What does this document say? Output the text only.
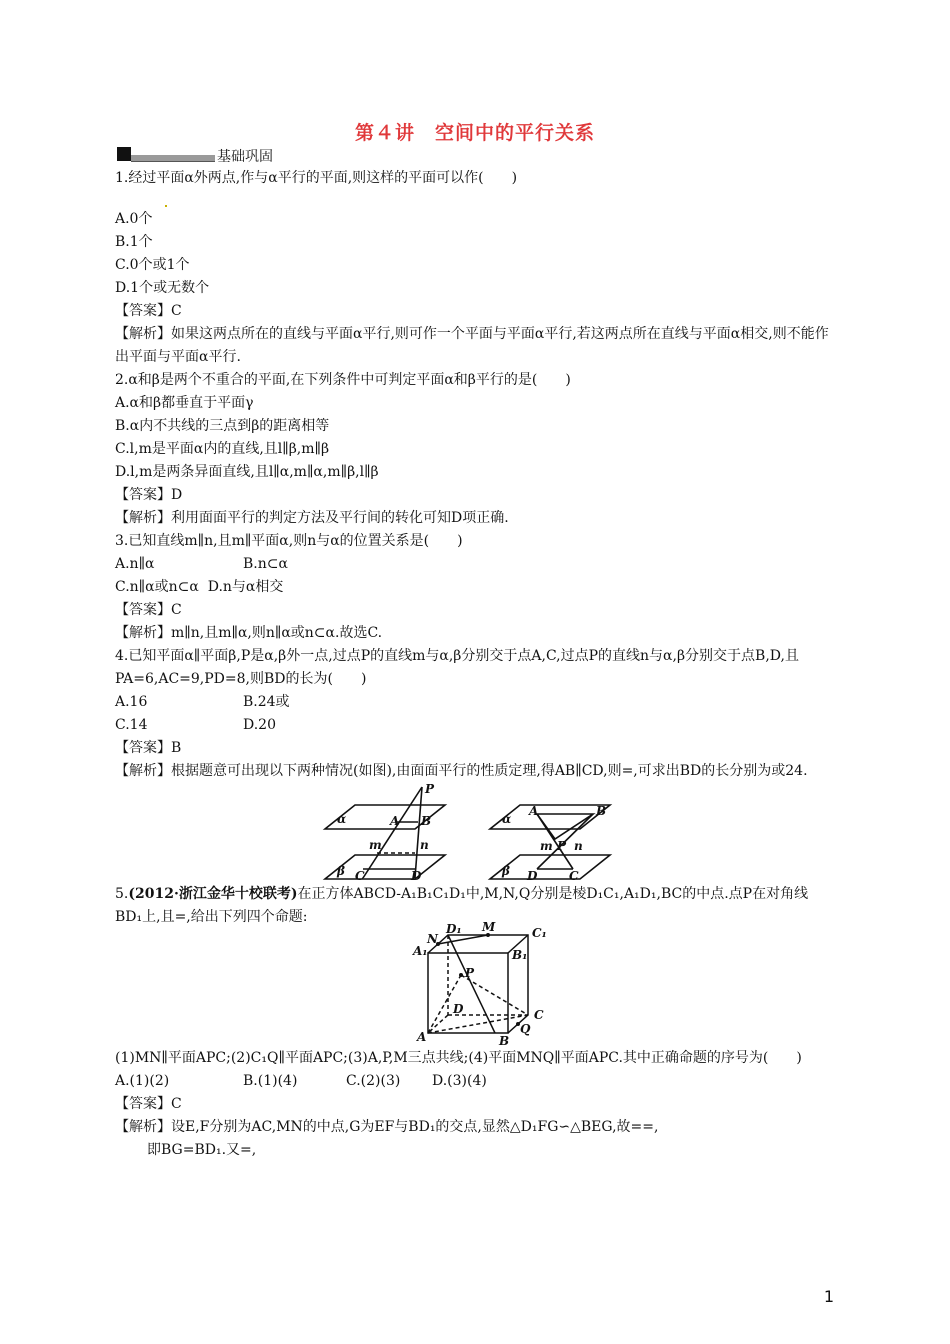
第４讲　空间中的平行关系
基础巩固
1.经过平面α外两点,作与α平行的平面,则这样的平面可以作(　　)
A.0个
B.1个
C.0个或1个
D.1个或无数个
【答案】C
【解析】如果这两点所在的直线与平面α平行,则可作一个平面与平面α平行,若这两点所在直线与平面α相交,则不能作出平面与平面α平行.
2.α和β是两个不重合的平面,在下列条件中可判定平面α和β平行的是(　　)
A.α和β都垂直于平面γ
B.α内不共线的三点到β的距离相等
C.l,m是平面α内的直线,且l∥β,m∥β
D.l,m是两条异面直线,且l∥α,m∥α,m∥β,l∥β
【答案】D
【解析】利用面面平行的判定方法及平行间的转化可知D项正确.
3.已知直线m∥n,且m∥平面α,则n与α的位置关系是(　　)
A.n∥α	B.n⊂α
C.n∥α或n⊂α D.n与α相交
【答案】C
【解析】m∥n,且m∥α,则n∥α或n⊂α.故选C.
4.已知平面α∥平面β,P是α,β外一点,过点P的直线m与α,β分别交于点A,C,过点P的直线n与α,β分别交于点B,D,且PA=6,AC=9,PD=8,则BD的长为(　　)
A.16	B.24或
C.14	D.20
【答案】B
【解析】根据题意可出现以下两种情况(如图),由面面平行的性质定理,得AB∥CD,则=,可求出BD的长分别为或24.
P
A B
α
m	n
β C	D
A	B
α
m P n
β D	C
5.(2012·浙江金华十校联考)在正方体ABCD-A₁B₁C₁D₁中,M,N,Q分别是棱D₁C₁,A₁D₁,BC的中点.点P在对角线BD₁上,且=,给出下列四个命题:
D₁ M	C₁
A₁
N
B₁
P
D	C
A
Q
B
(1)MN∥平面APC;(2)C₁Q∥平面APC;(3)A,P,M三点共线;(4)平面MNQ∥平面APC.其中正确命题的序号为(　　)
A.(1)(2)	B.(1)(4)	C.(2)(3) D.(3)(4)
【答案】C
【解析】设E,F分别为AC,MN的中点,G为EF与BD₁的交点,显然△D₁FG∽△BEG,故==,
即BG=BD₁.又=,
1
